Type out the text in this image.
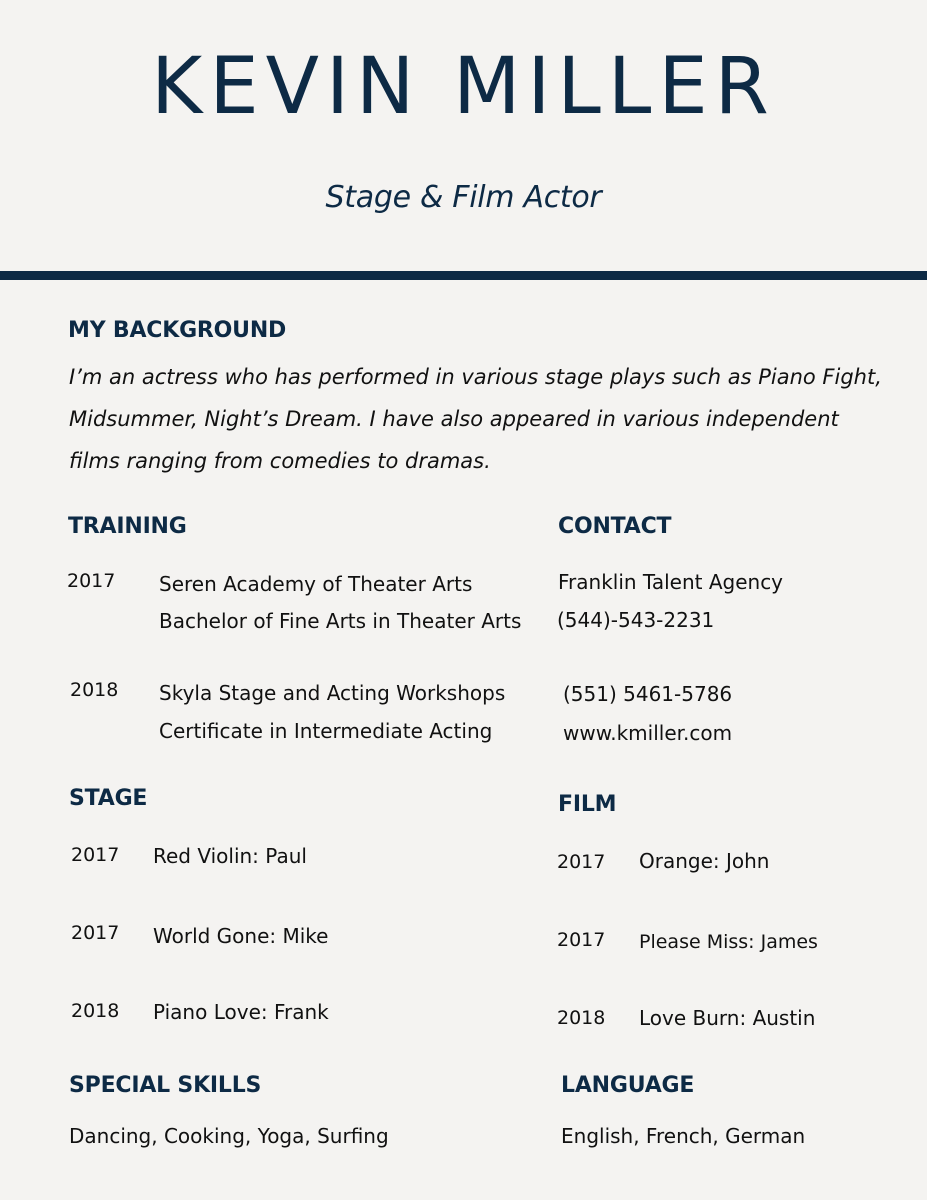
KEVIN MILLER
Stage & Film Actor
MY BACKGROUND
I’m an actress who has performed in various stage plays such as Piano Fight, Midsummer, Night’s Dream. I have also appeared in various independent films ranging from comedies to dramas.
TRAINING
2017 Seren Academy of Theater Arts
Bachelor of Fine Arts in Theater Arts
2018 Skyla Stage and Acting Workshops
Certificate in Intermediate Acting
CONTACT
Franklin Talent Agency
(544)-543-2231
(551) 5461-5786
www.kmiller.com
STAGE
2017 Red Violin: Paul
2017 World Gone: Mike
2018 Piano Love: Frank
FILM
2017 Orange: John
2017 Please Miss: James
2018 Love Burn: Austin
SPECIAL SKILLS
Dancing, Cooking, Yoga, Surfing
LANGUAGE
English, French, German
